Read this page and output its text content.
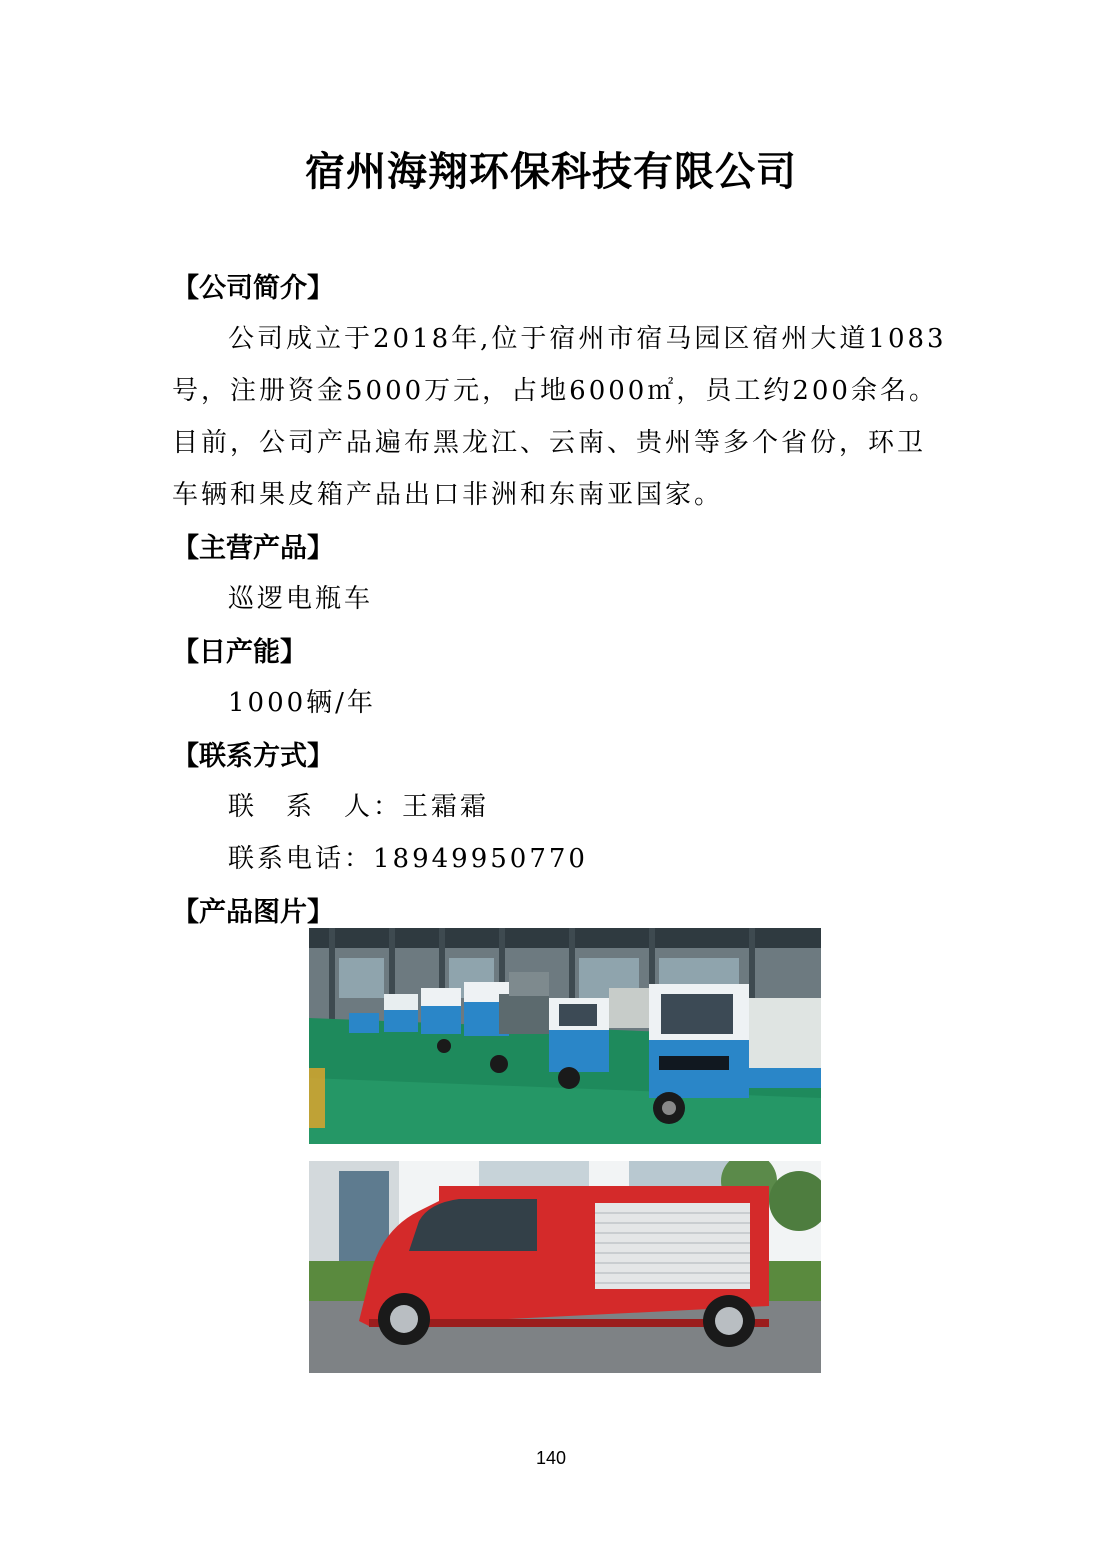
宿州海翔环保科技有限公司
【公司简介】
公司成立于2018年,位于宿州市宿马园区宿州大道1083
号，注册资金5000万元，占地6000㎡，员工约200余名。
目前，公司产品遍布黑龙江、云南、贵州等多个省份，环卫
车辆和果皮箱产品出口非洲和东南亚国家。
【主营产品】
巡逻电瓶车
【日产能】
1000辆/年
【联系方式】
联　系　人：王霜霜
联系电话：18949950770
【产品图片】
140
